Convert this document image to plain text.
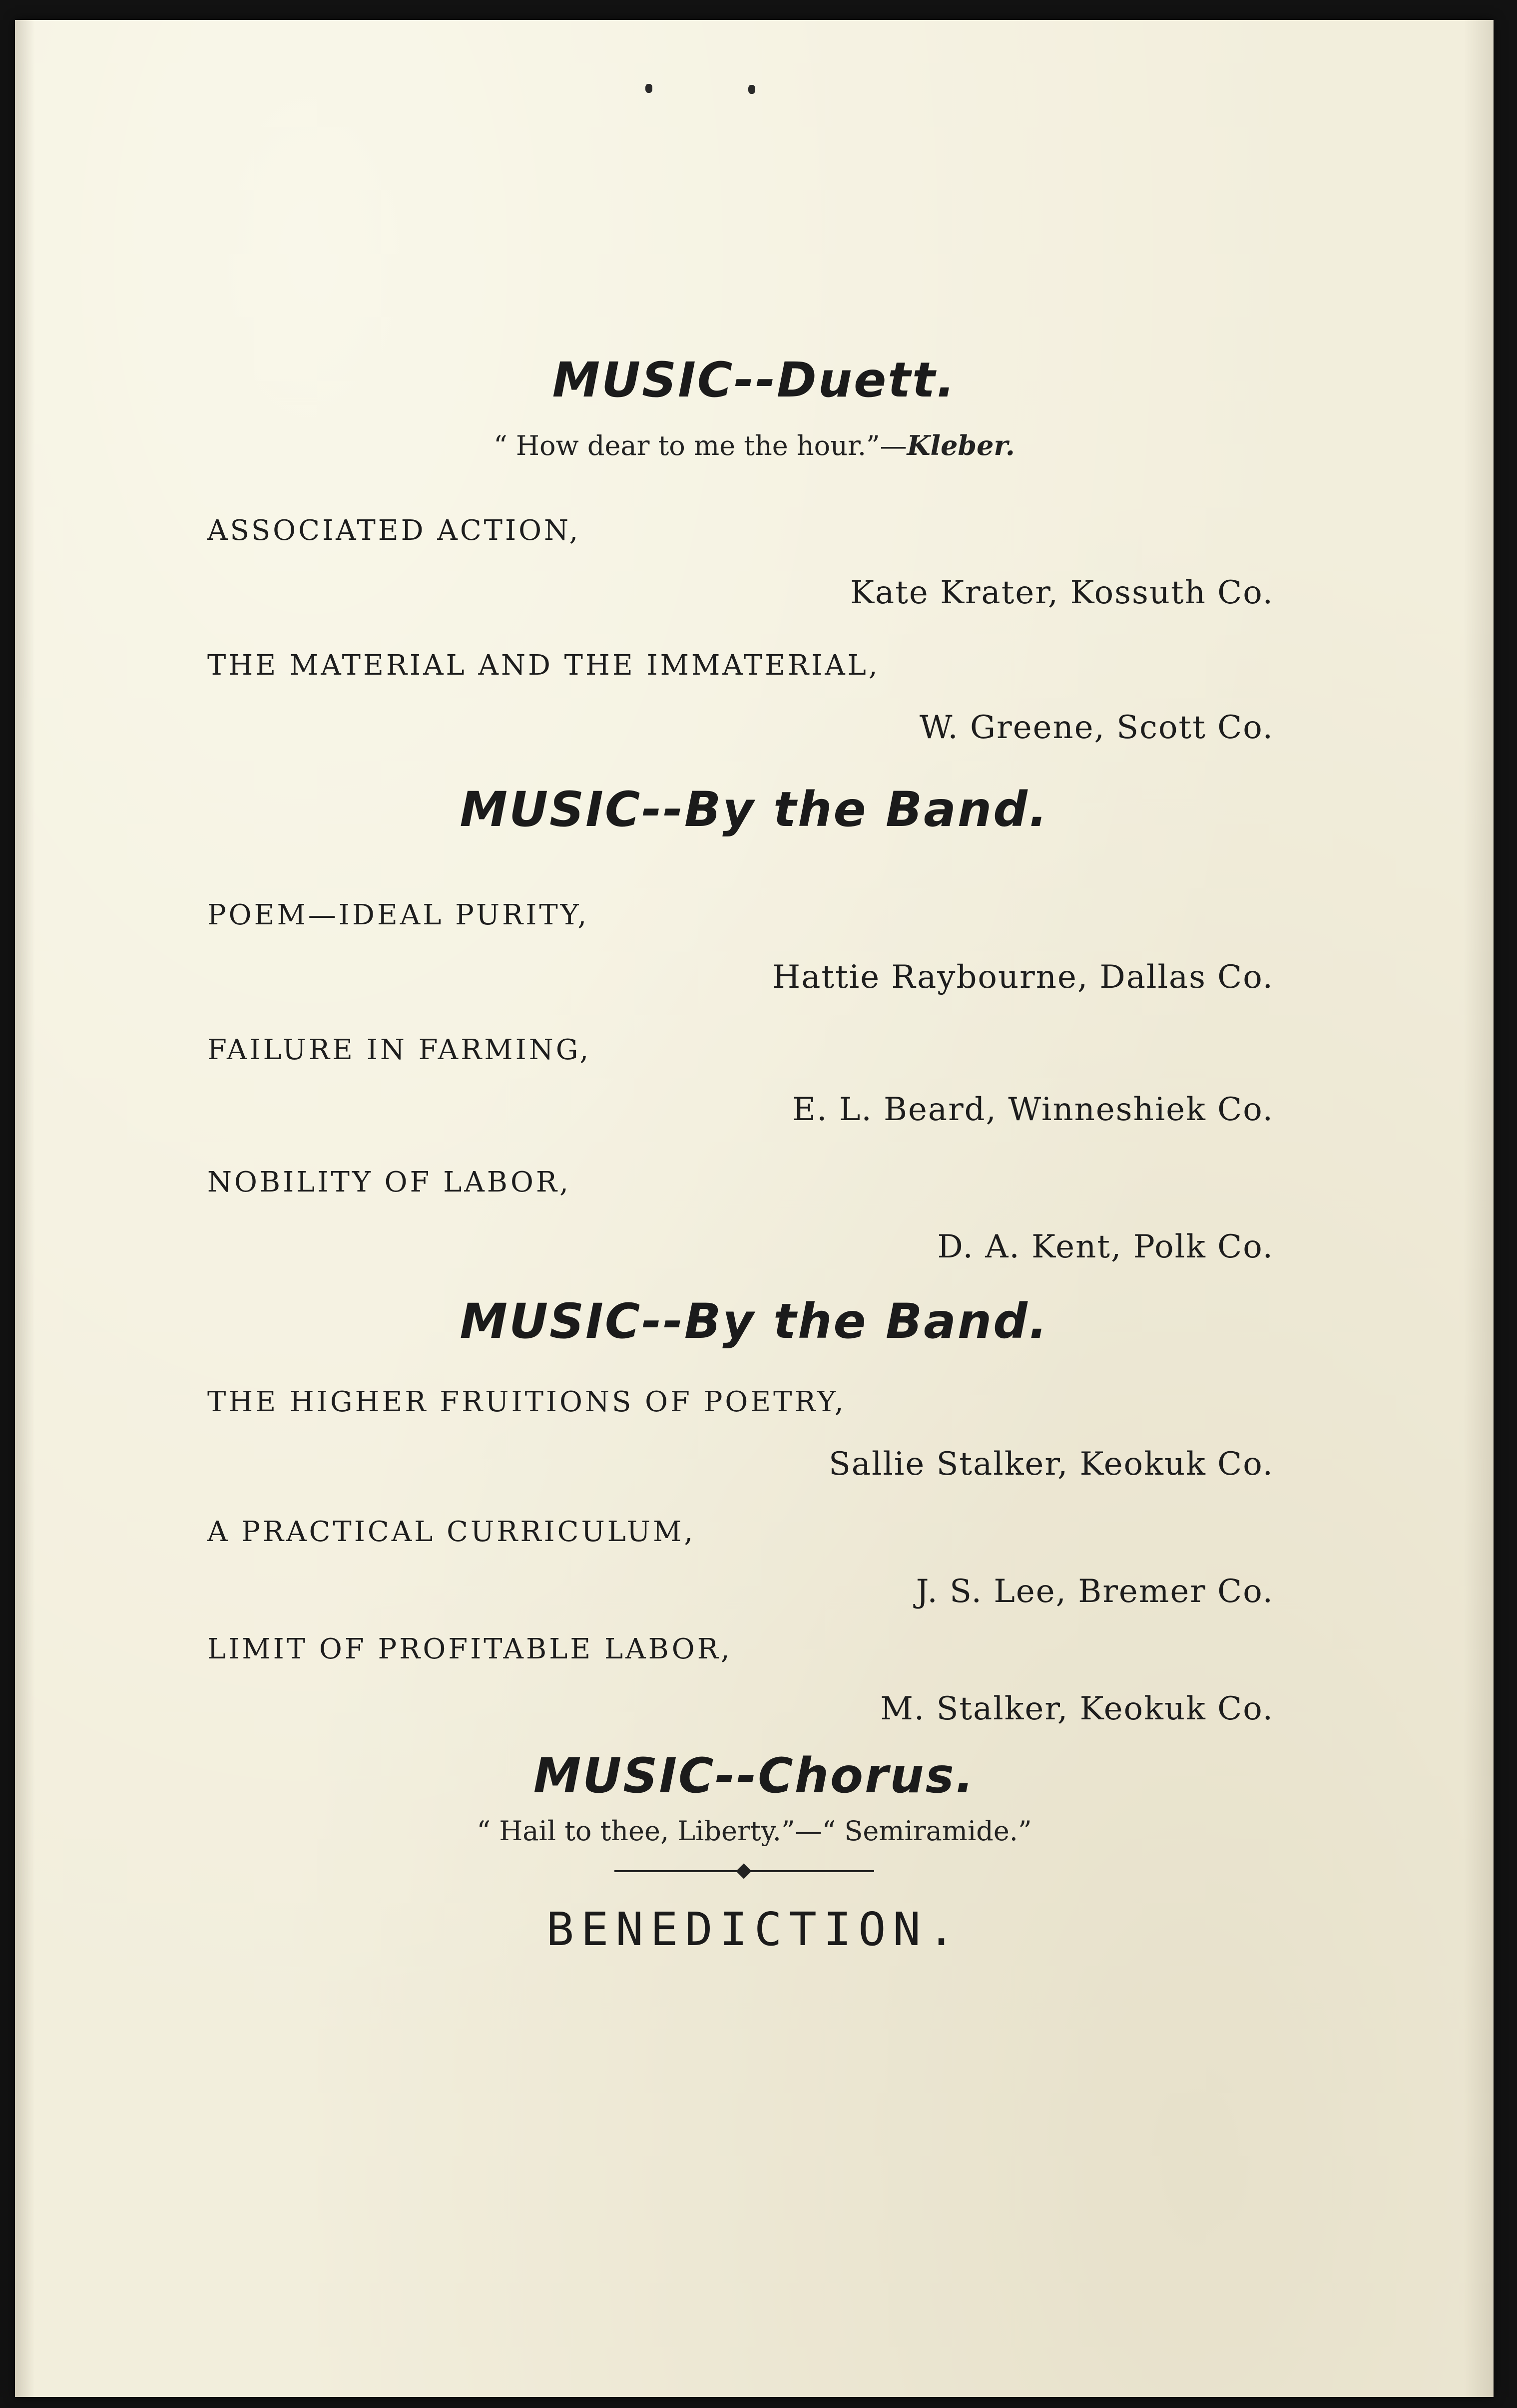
MUSIC--Duett.
“ How dear to me the hour.”—Kleber.
ASSOCIATED ACTION,
Kate Krater, Kossuth Co.
THE MATERIAL AND THE IMMATERIAL,
W. Greene, Scott Co.
MUSIC--By the Band.
POEM—IDEAL PURITY,
Hattie Raybourne, Dallas Co.
FAILURE IN FARMING,
E. L. Beard, Winneshiek Co.
NOBILITY OF LABOR,
D. A. Kent, Polk Co.
MUSIC--By the Band.
THE HIGHER FRUITIONS OF POETRY,
Sallie Stalker, Keokuk Co.
A PRACTICAL CURRICULUM,
J. S. Lee, Bremer Co.
LIMIT OF PROFITABLE LABOR,
M. Stalker, Keokuk Co.
MUSIC--Chorus.
“ Hail to thee, Liberty.”—“ Semiramide.”
BENEDICTION.
